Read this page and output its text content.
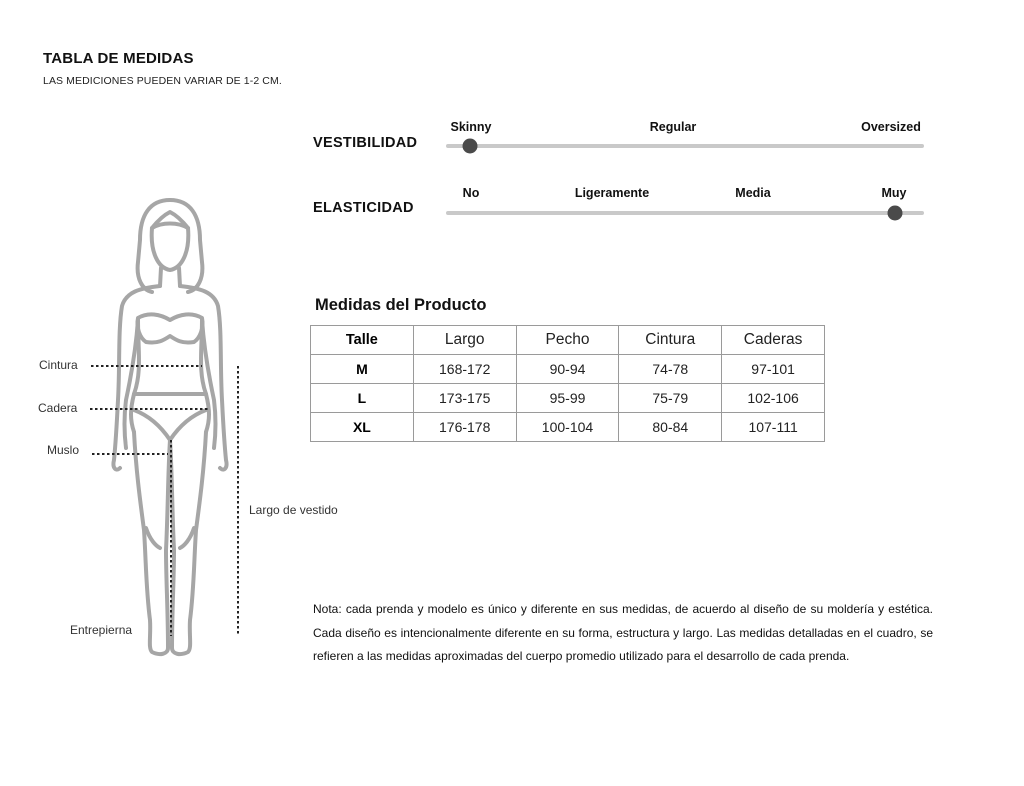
TABLA DE MEDIDAS
LAS MEDICIONES PUEDEN VARIAR DE 1-2 CM.
VESTIBILIDAD
Skinny	Regular	Oversized
ELASTICIDAD
No	Ligeramente	Media	Muy
Medidas del Producto
Talle	Largo	Pecho	Cintura	Caderas
M	168-172	90-94	74-78	97-101
L	173-175	95-99	75-79	102-106
XL	176-178	100-104	80-84	107-111
Cintura
Cadera
Muslo
Largo de vestido
Entrepierna

Nota: cada prenda y modelo es único y diferente en sus medidas, de acuerdo al diseño de su moldería y estética. Cada diseño es intencionalmente diferente en su forma, estructura y largo. Las medidas detalladas en el cuadro, se refieren a las medidas aproximadas del cuerpo promedio utilizado para el desarrollo de cada prenda.
